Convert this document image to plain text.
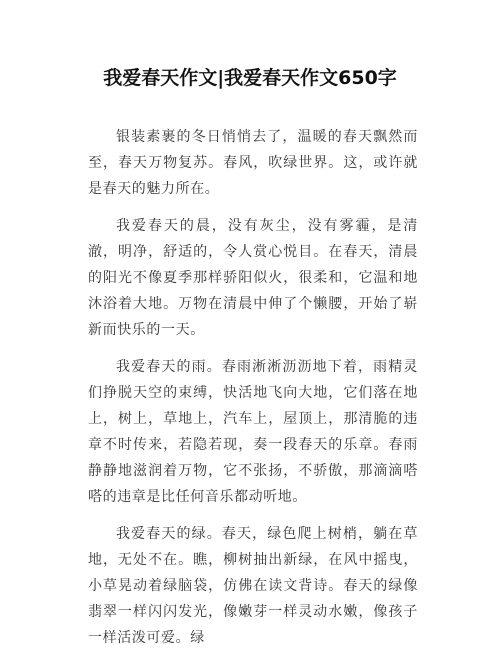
我爱春天作文|我爱春天作文650字

银装素裹的冬日悄悄去了，温暖的春天飘然而至，春天万物复苏。春风，吹绿世界。这，或许就是春天的魅力所在。

我爱春天的晨，没有灰尘，没有雾霾，是清澈，明净，舒适的，令人赏心悦目。在春天，清晨的阳光不像夏季那样骄阳似火，很柔和，它温和地沐浴着大地。万物在清晨中伸了个懒腰，开始了崭新而快乐的一天。

我爱春天的雨。春雨淅淅沥沥地下着，雨精灵们挣脱天空的束缚，快活地飞向大地，它们落在地上，树上，草地上，汽车上，屋顶上，那清脆的违章不时传来，若隐若现，奏一段春天的乐章。春雨静静地滋润着万物，它不张扬，不骄傲，那滴滴嗒嗒的违章是比任何音乐都动听地。

我爱春天的绿。春天，绿色爬上树梢，躺在草地，无处不在。瞧，柳树抽出新绿，在风中摇曳，小草晃动着绿脑袋，仿佛在读文背诗。春天的绿像翡翠一样闪闪发光，像嫩芽一样灵动水嫩，像孩子一样活泼可爱。绿
